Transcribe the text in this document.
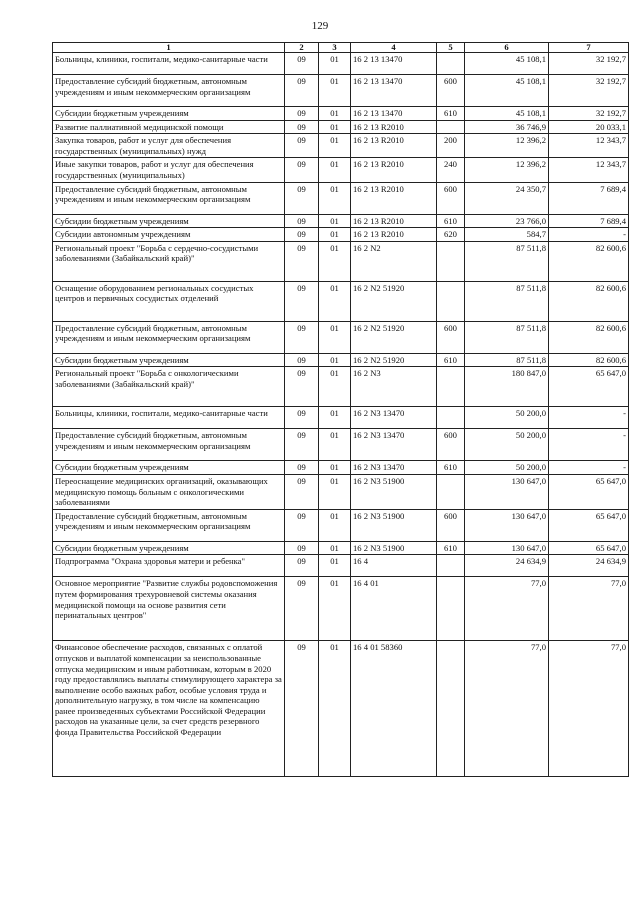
129
1	2	3	4	5	6	7
Больницы, клиники, госпитали, медико-санитарные части	09	01	16 2 13 13470		45 108,1	32 192,7
Предоставление субсидий бюджетным, автономным учреждениям и иным некоммерческим организациям	09	01	16 2 13 13470	600	45 108,1	32 192,7
Субсидии бюджетным учреждениям	09	01	16 2 13 13470	610	45 108,1	32 192,7
Развитие паллиативной медицинской помощи	09	01	16 2 13 R2010		36 746,9	20 033,1
Закупка товаров, работ и услуг для обеспечения государственных (муниципальных) нужд	09	01	16 2 13 R2010	200	12 396,2	12 343,7
Иные закупки товаров, работ и услуг для обеспечения государственных (муниципальных)	09	01	16 2 13 R2010	240	12 396,2	12 343,7
Предоставление субсидий бюджетным, автономным учреждениям и иным некоммерческим организациям	09	01	16 2 13 R2010	600	24 350,7	7 689,4
Субсидии бюджетным учреждениям	09	01	16 2 13 R2010	610	23 766,0	7 689,4
Субсидии автономным учреждениям	09	01	16 2 13 R2010	620	584,7	-
Региональный проект "Борьба с сердечно-сосудистыми заболеваниями (Забайкальский край)"	09	01	16 2 N2		87 511,8	82 600,6
Оснащение оборудованием региональных сосудистых центров и первичных сосудистых отделений	09	01	16 2 N2 51920		87 511,8	82 600,6
Предоставление субсидий бюджетным, автономным учреждениям и иным некоммерческим организациям	09	01	16 2 N2 51920	600	87 511,8	82 600,6
Субсидии бюджетным учреждениям	09	01	16 2 N2 51920	610	87 511,8	82 600,6
Региональный проект "Борьба с онкологическими заболеваниями (Забайкальский край)"	09	01	16 2 N3		180 847,0	65 647,0
Больницы, клиники, госпитали, медико-санитарные части	09	01	16 2 N3 13470		50 200,0	-
Предоставление субсидий бюджетным, автономным учреждениям и иным некоммерческим организациям	09	01	16 2 N3 13470	600	50 200,0	-
Субсидии бюджетным учреждениям	09	01	16 2 N3 13470	610	50 200,0	-
Переоснащение медицинских организаций, оказывающих медицинскую помощь больным с онкологическими заболеваниями	09	01	16 2 N3 51900		130 647,0	65 647,0
Предоставление субсидий бюджетным, автономным учреждениям и иным некоммерческим организациям	09	01	16 2 N3 51900	600	130 647,0	65 647,0
Субсидии бюджетным учреждениям	09	01	16 2 N3 51900	610	130 647,0	65 647,0
Подпрограмма "Охрана здоровья матери и ребенка"	09	01	16 4		24 634,9	24 634,9
Основное мероприятие "Развитие службы родовспоможения путем формирования трехуровневой системы оказания медицинской помощи на основе развития сети перинатальных центров"	09	01	16 4 01		77,0	77,0
Финансовое обеспечение расходов, связанных с оплатой отпусков и выплатой компенсации за неиспользованные отпуска медицинским и иным работникам, которым в 2020 году предоставлялись выплаты стимулирующего характера за выполнение особо важных работ, особые условия труда и дополнительную нагрузку, в том числе на компенсацию ранее произведенных субъектами Российской Федерации расходов на указанные цели, за счет средств резервного фонда Правительства Российской Федерации	09	01	16 4 01 58360		77,0	77,0
